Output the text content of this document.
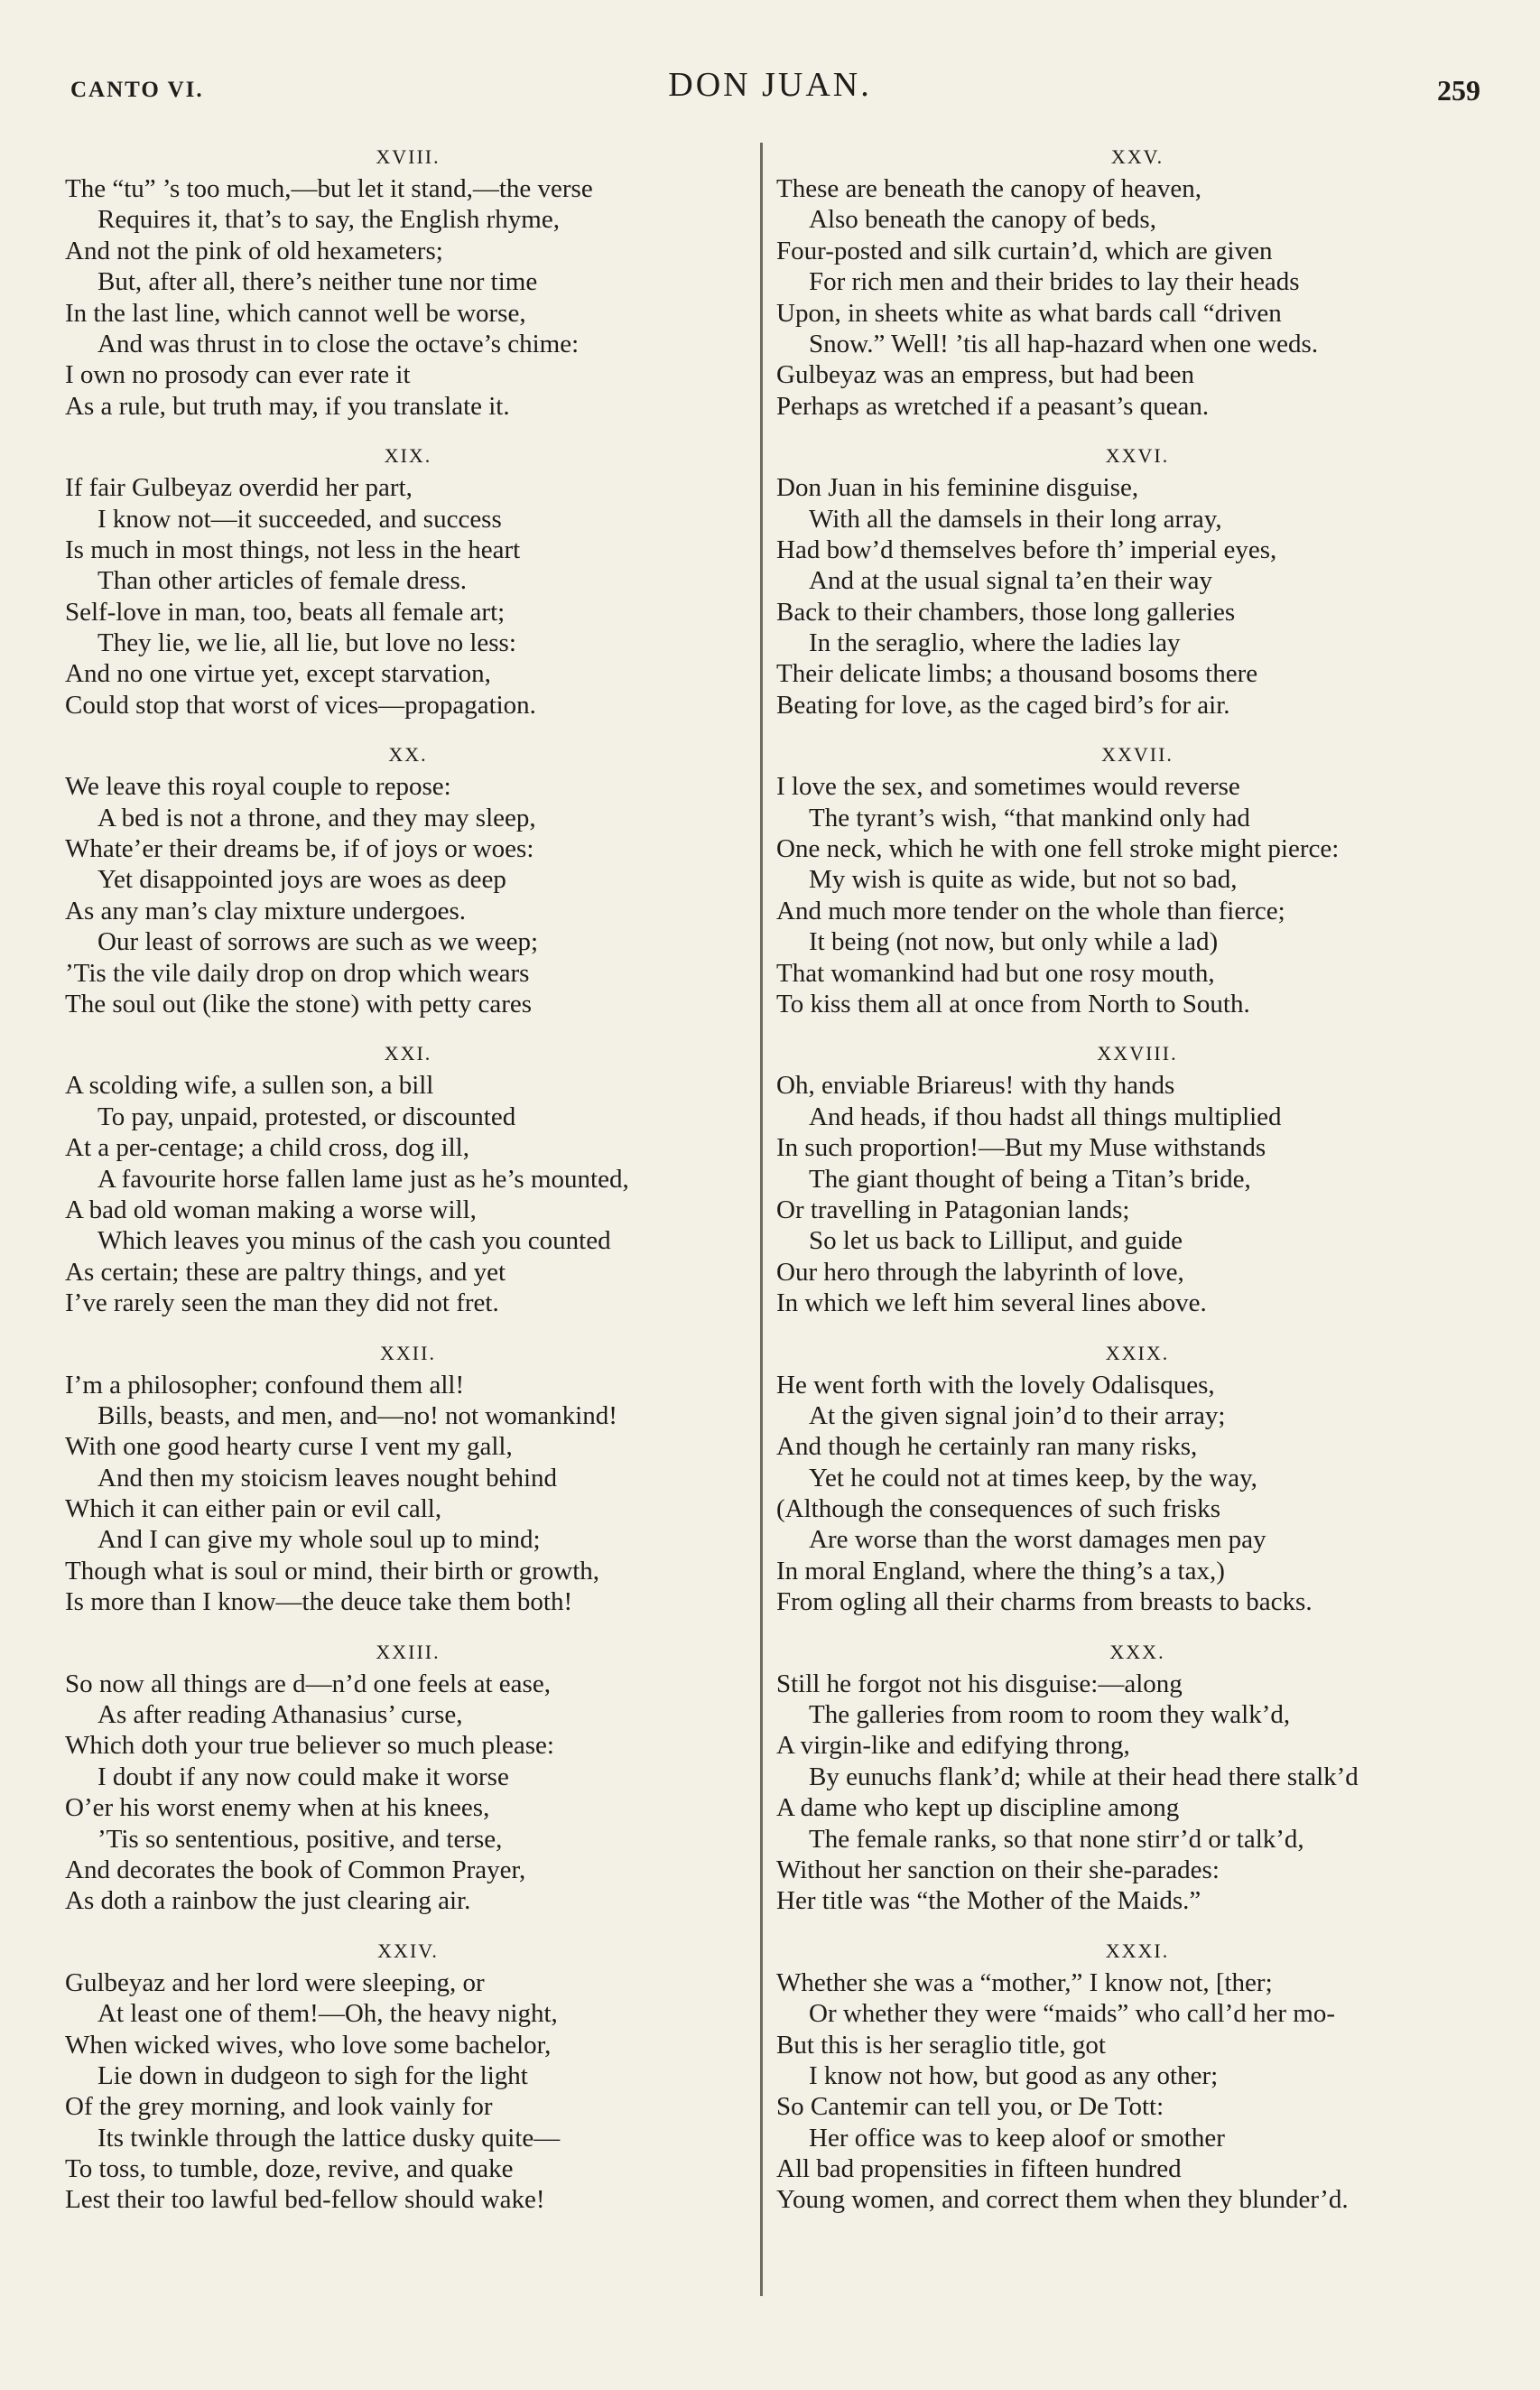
CANTO VI.	DON JUAN.	259
XVIII.
The “tu” ’s too much,—but let it stand,—the verse
Requires it, that’s to say, the English rhyme,
And not the pink of old hexameters;
But, after all, there’s neither tune nor time
In the last line, which cannot well be worse,
And was thrust in to close the octave’s chime:
I own no prosody can ever rate it
As a rule, but truth may, if you translate it.
XIX.
If fair Gulbeyaz overdid her part,
I know not—it succeeded, and success
Is much in most things, not less in the heart
Than other articles of female dress.
Self-love in man, too, beats all female art;
They lie, we lie, all lie, but love no less:
And no one virtue yet, except starvation,
Could stop that worst of vices—propagation.
XX.
We leave this royal couple to repose:
A bed is not a throne, and they may sleep,
Whate’er their dreams be, if of joys or woes:
Yet disappointed joys are woes as deep
As any man’s clay mixture undergoes.
Our least of sorrows are such as we weep;
’Tis the vile daily drop on drop which wears
The soul out (like the stone) with petty cares
XXI.
A scolding wife, a sullen son, a bill
To pay, unpaid, protested, or discounted
At a per-centage; a child cross, dog ill,
A favourite horse fallen lame just as he’s mounted,
A bad old woman making a worse will,
Which leaves you minus of the cash you counted
As certain; these are paltry things, and yet
I’ve rarely seen the man they did not fret.
XXII.
I’m a philosopher; confound them all!
Bills, beasts, and men, and—no! not womankind!
With one good hearty curse I vent my gall,
And then my stoicism leaves nought behind
Which it can either pain or evil call,
And I can give my whole soul up to mind;
Though what is soul or mind, their birth or growth,
Is more than I know—the deuce take them both!
XXIII.
So now all things are d—n’d one feels at ease,
As after reading Athanasius’ curse,
Which doth your true believer so much please:
I doubt if any now could make it worse
O’er his worst enemy when at his knees,
’Tis so sententious, positive, and terse,
And decorates the book of Common Prayer,
As doth a rainbow the just clearing air.
XXIV.
Gulbeyaz and her lord were sleeping, or
At least one of them!—Oh, the heavy night,
When wicked wives, who love some bachelor,
Lie down in dudgeon to sigh for the light
Of the grey morning, and look vainly for
Its twinkle through the lattice dusky quite—
To toss, to tumble, doze, revive, and quake
Lest their too lawful bed-fellow should wake!
XXV.
These are beneath the canopy of heaven,
Also beneath the canopy of beds,
Four-posted and silk curtain’d, which are given
For rich men and their brides to lay their heads
Upon, in sheets white as what bards call “driven
Snow.” Well! ’tis all hap-hazard when one weds.
Gulbeyaz was an empress, but had been
Perhaps as wretched if a peasant’s quean.
XXVI.
Don Juan in his feminine disguise,
With all the damsels in their long array,
Had bow’d themselves before th’ imperial eyes,
And at the usual signal ta’en their way
Back to their chambers, those long galleries
In the seraglio, where the ladies lay
Their delicate limbs; a thousand bosoms there
Beating for love, as the caged bird’s for air.
XXVII.
I love the sex, and sometimes would reverse
The tyrant’s wish, “that mankind only had
One neck, which he with one fell stroke might pierce:
My wish is quite as wide, but not so bad,
And much more tender on the whole than fierce;
It being (not now, but only while a lad)
That womankind had but one rosy mouth,
To kiss them all at once from North to South.
XXVIII.
Oh, enviable Briareus! with thy hands
And heads, if thou hadst all things multiplied
In such proportion!—But my Muse withstands
The giant thought of being a Titan’s bride,
Or travelling in Patagonian lands;
So let us back to Lilliput, and guide
Our hero through the labyrinth of love,
In which we left him several lines above.
XXIX.
He went forth with the lovely Odalisques,
At the given signal join’d to their array;
And though he certainly ran many risks,
Yet he could not at times keep, by the way,
(Although the consequences of such frisks
Are worse than the worst damages men pay
In moral England, where the thing’s a tax,)
From ogling all their charms from breasts to backs.
XXX.
Still he forgot not his disguise:—along
The galleries from room to room they walk’d,
A virgin-like and edifying throng,
By eunuchs flank’d; while at their head there stalk’d
A dame who kept up discipline among
The female ranks, so that none stirr’d or talk’d,
Without her sanction on their she-parades:
Her title was “the Mother of the Maids.”
XXXI.
Whether she was a “mother,” I know not, [ther;
Or whether they were “maids” who call’d her mo-
But this is her seraglio title, got
I know not how, but good as any other;
So Cantemir can tell you, or De Tott:
Her office was to keep aloof or smother
All bad propensities in fifteen hundred
Young women, and correct them when they blunder’d.
